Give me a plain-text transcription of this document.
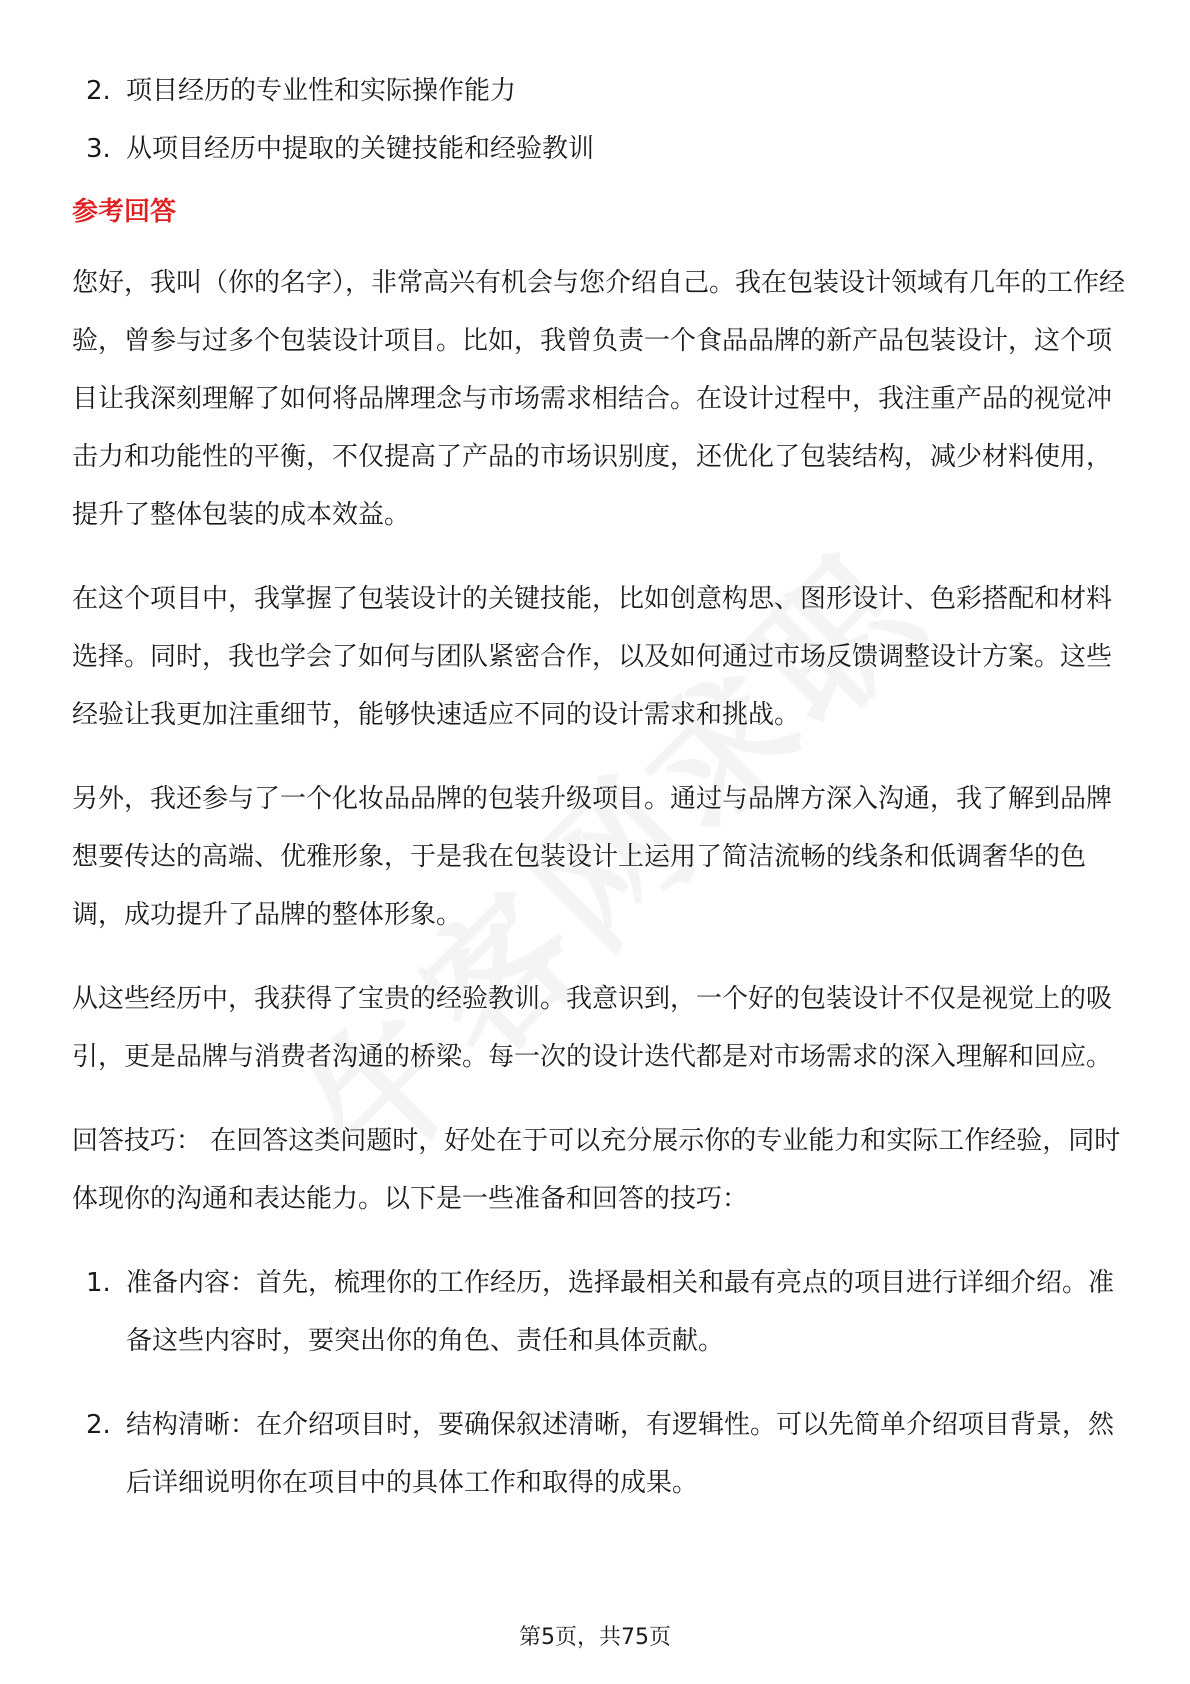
2. 项目经历的专业性和实际操作能力
3. 从项目经历中提取的关键技能和经验教训
参考回答

您好，我叫（你的名字），非常高兴有机会与您介绍自己。我在包装设计领域有几年的工作经验，曾参与过多个包装设计项目。比如，我曾负责一个食品品牌的新产品包装设计，这个项目让我深刻理解了如何将品牌理念与市场需求相结合。在设计过程中，我注重产品的视觉冲击力和功能性的平衡，不仅提高了产品的市场识别度，还优化了包装结构，减少材料使用，提升了整体包装的成本效益。

在这个项目中，我掌握了包装设计的关键技能，比如创意构思、图形设计、色彩搭配和材料选择。同时，我也学会了如何与团队紧密合作，以及如何通过市场反馈调整设计方案。这些经验让我更加注重细节，能够快速适应不同的设计需求和挑战。

另外，我还参与了一个化妆品品牌的包装升级项目。通过与品牌方深入沟通，我了解到品牌想要传达的高端、优雅形象，于是我在包装设计上运用了简洁流畅的线条和低调奢华的色调，成功提升了品牌的整体形象。

从这些经历中，我获得了宝贵的经验教训。我意识到，一个好的包装设计不仅是视觉上的吸引，更是品牌与消费者沟通的桥梁。每一次的设计迭代都是对市场需求的深入理解和回应。

回答技巧： 在回答这类问题时，好处在于可以充分展示你的专业能力和实际工作经验，同时体现你的沟通和表达能力。以下是一些准备和回答的技巧：

1. 准备内容：首先，梳理你的工作经历，选择最相关和最有亮点的项目进行详细介绍。准备这些内容时，要突出你的角色、责任和具体贡献。
2. 结构清晰：在介绍项目时，要确保叙述清晰，有逻辑性。可以先简单介绍项目背景，然后详细说明你在项目中的具体工作和取得的成果。
第5页，共75页
